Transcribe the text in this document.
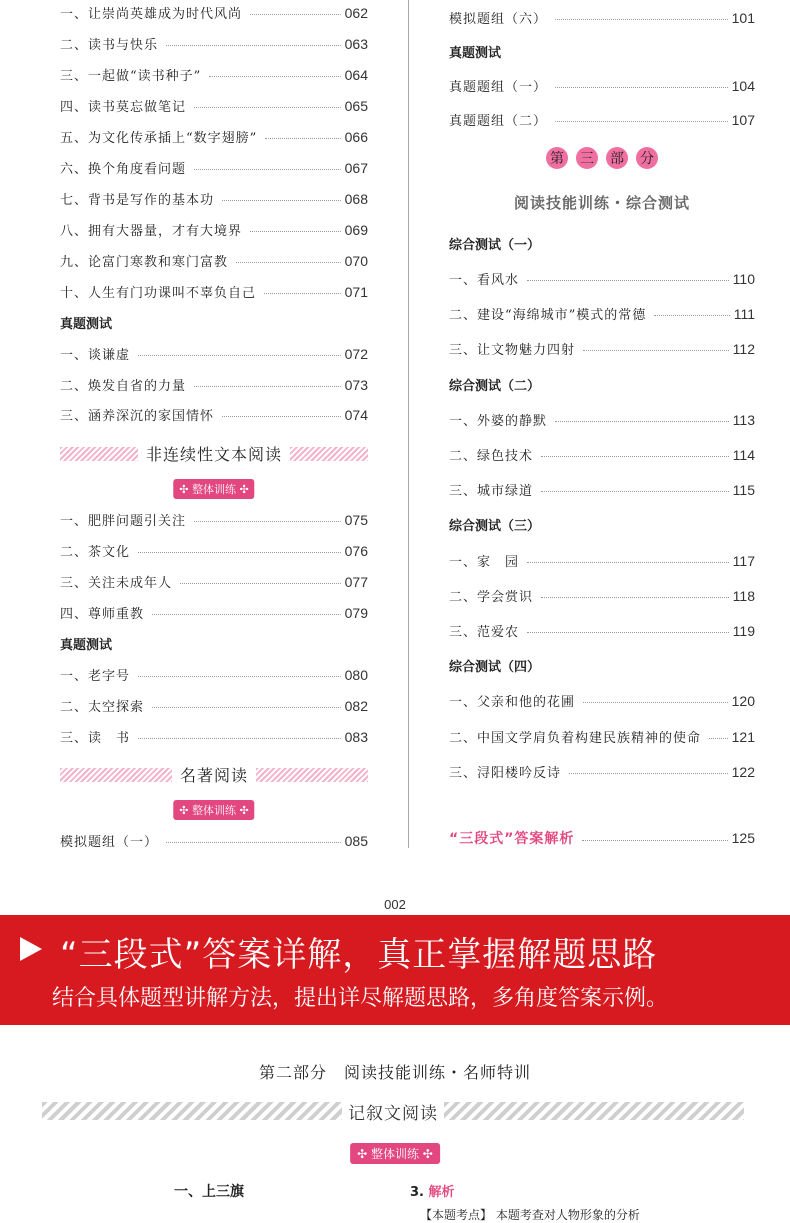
一、让崇尚英雄成为时代风尚	062
二、读书与快乐	063
三、一起做“读书种子”	064
四、读书莫忘做笔记	065
五、为文化传承插上“数字翅膀”	066
六、换个角度看问题	067
七、背书是写作的基本功	068
八、拥有大器量，才有大境界	069
九、论富门寒教和寒门富教	070
十、人生有门功课叫不辜负自己	071
真题测试
一、谈谦虚	072
二、焕发自省的力量	073
三、涵养深沉的家国情怀	074
非连续性文本阅读
✣ 整体训练 ✣
一、肥胖问题引关注	075
二、茶文化	076
三、关注未成年人	077
四、尊师重教	079
真题测试
一、老字号	080
二、太空探索	082
三、读　书	083
名著阅读
✣ 整体训练 ✣
模拟题组（一）	085
模拟题组（六）	101
真题测试
真题题组（一）	104
真题题组（二）	107
第 三 部 分
阅读技能训练・综合测试
综合测试（一）
一、看风水	110
二、建设“海绵城市”模式的常德	111
三、让文物魅力四射	112
综合测试（二）
一、外婆的静默	113
二、绿色技术	114
三、城市绿道	115
综合测试（三）
一、家　园	117
二、学会赏识	118
三、范爱农	119
综合测试（四）
一、父亲和他的花圃	120
二、中国文学肩负着构建民族精神的使命 121
三、浔阳楼吟反诗	122
“三段式”答案解析	125
002
“三段式”答案详解，真正掌握解题思路
结合具体题型讲解方法，提出详尽解题思路，多角度答案示例。
第二部分　阅读技能训练・名师特训
记叙文阅读
✣ 整体训练 ✣
一、上三旗	3. 解析
【本题考点】 本题考查对人物形象的分析
